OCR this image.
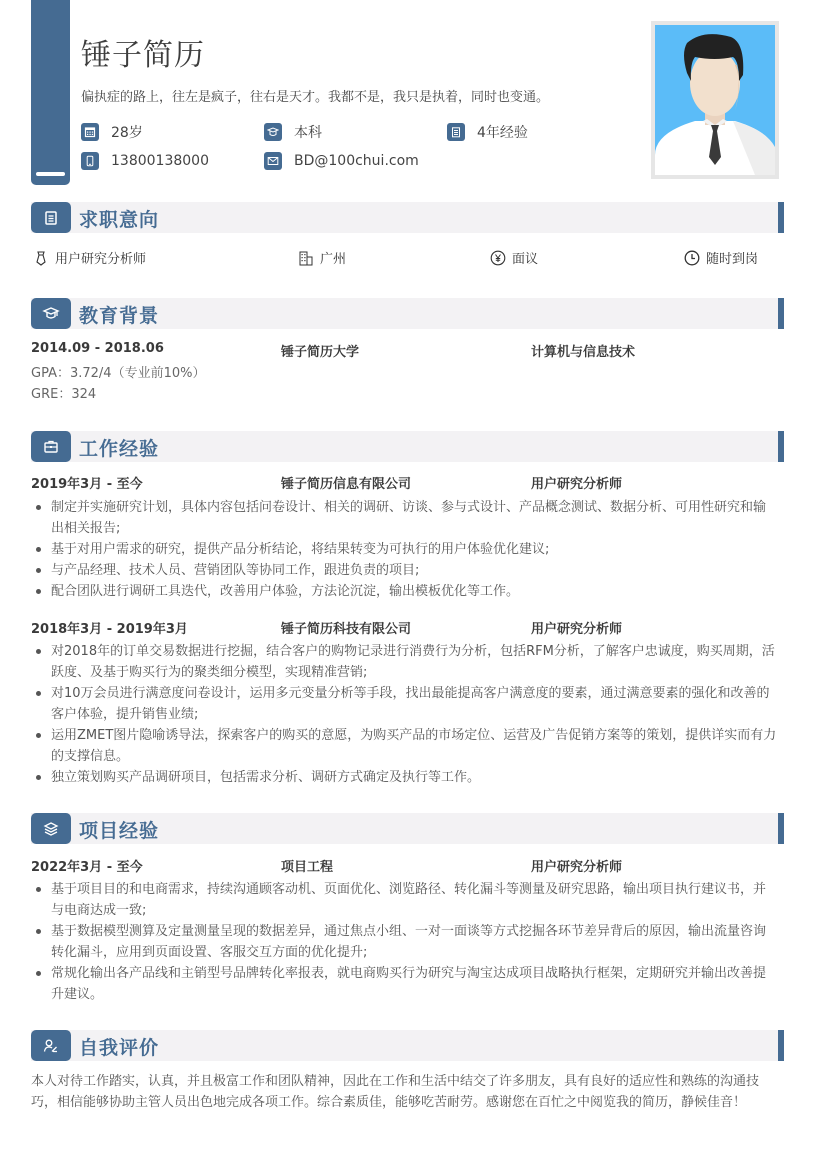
锤子简历
偏执症的路上，往左是疯子，往右是天才。我都不是，我只是执着，同时也变通。
28岁	本科	4年经验
13800138000	BD@100chui.com
求职意向
用户研究分析师	广州	面议	随时到岗
教育背景
2014.09 - 2018.06	锤子简历大学	计算机与信息技术
GPA：3.72/4（专业前10%）
GRE：324
工作经验
2019年3月 - 至今	锤子简历信息有限公司	用户研究分析师
制定并实施研究计划，具体内容包括问卷设计、相关的调研、访谈、参与式设计、产品概念测试、数据分析、可用性研究和输 出相关报告;
基于对用户需求的研究，提供产品分析结论，将结果转变为可执行的用户体验优化建议;
与产品经理、技术人员、营销团队等协同工作，跟进负责的项目;
配合团队进行调研工具迭代，改善用户体验，方法论沉淀，输出模板优化等工作。
2018年3月 - 2019年3月	锤子简历科技有限公司	用户研究分析师
对2018年的订单交易数据进行挖掘，结合客户的购物记录进行消费行为分析，包括RFM分析，了解客户忠诚度，购买周期，活 跃度、及基于购买行为的聚类细分模型，实现精准营销;
对10万会员进行满意度问卷设计，运用多元变量分析等手段，找出最能提高客户满意度的要素，通过满意要素的强化和改善的 客户体验，提升销售业绩;
运用ZMET图片隐喻诱导法，探索客户的购买的意愿，为购买产品的市场定位、运营及广告促销方案等的策划，提供详实而有力 的支撑信息。
独立策划购买产品调研项目，包括需求分析、调研方式确定及执行等工作。
项目经验
2022年3月 - 至今	项目工程	用户研究分析师
基于项目目的和电商需求，持续沟通顾客动机、页面优化、浏览路径、转化漏斗等测量及研究思路，输出项目执行建议书，并 与电商达成一致;
基于数据模型测算及定量测量呈现的数据差异，通过焦点小组、一对一面谈等方式挖掘各环节差异背后的原因，输出流量咨询 转化漏斗，应用到页面设置、客服交互方面的优化提升;
常规化输出各产品线和主销型号品牌转化率报表，就电商购买行为研究与淘宝达成项目战略执行框架，定期研究并输出改善提 升建议。
自我评价
本人对待工作踏实，认真，并且极富工作和团队精神，因此在工作和生活中结交了许多朋友，具有良好的适应性和熟练的沟通技巧，相信能够协助主管人员出色地完成各项工作。综合素质佳，能够吃苦耐劳。感谢您在百忙之中阅览我的简历，静候佳音！
